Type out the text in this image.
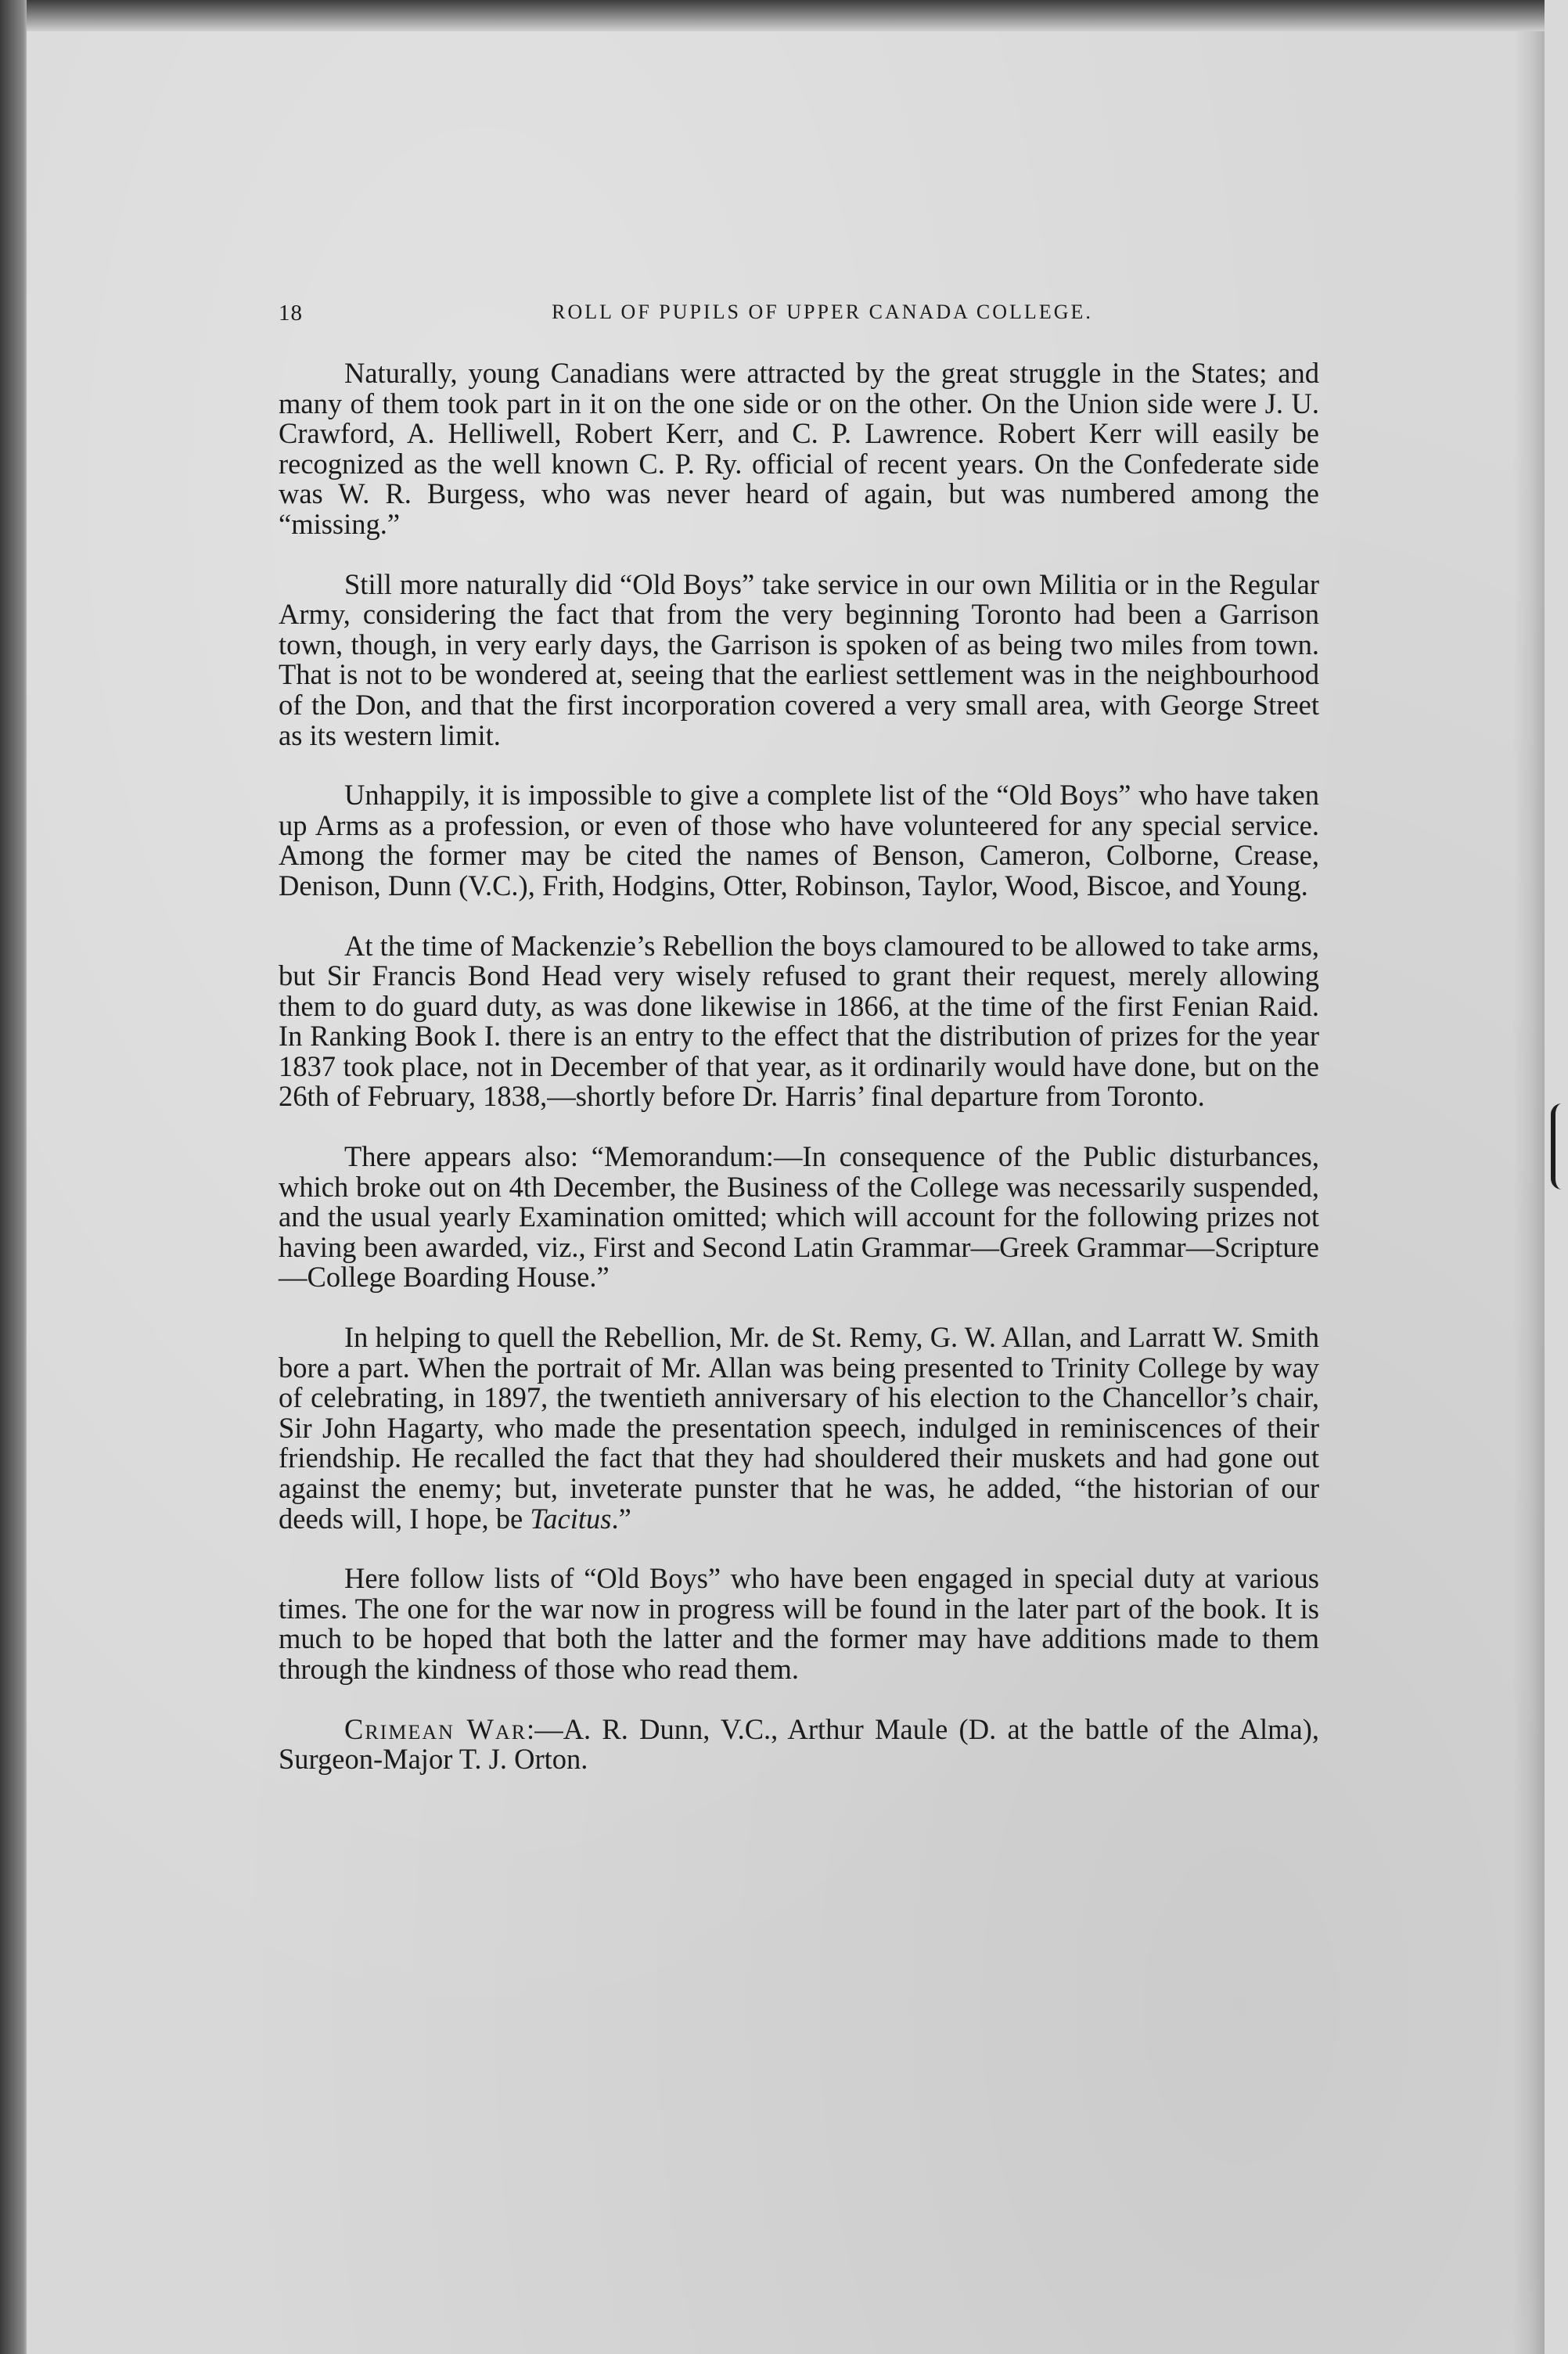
18	ROLL OF PUPILS OF UPPER CANADA COLLEGE.

Naturally, young Canadians were attracted by the great struggle in the States; and many of them took part in it on the one side or on the other. On the Union side were J. U. Crawford, A. Helliwell, Robert Kerr, and C. P. Lawrence. Robert Kerr will easily be recognized as the well known C. P. Ry. official of recent years. On the Confederate side was W. R. Burgess, who was never heard of again, but was numbered among the “missing.”

Still more naturally did “Old Boys” take service in our own Militia or in the Regular Army, considering the fact that from the very beginning Toronto had been a Garrison town, though, in very early days, the Garrison is spoken of as being two miles from town. That is not to be wondered at, seeing that the earliest settlement was in the neighbourhood of the Don, and that the first incorporation covered a very small area, with George Street as its western limit.

Unhappily, it is impossible to give a complete list of the “Old Boys” who have taken up Arms as a profession, or even of those who have volunteered for any special service. Among the former may be cited the names of Benson, Cameron, Colborne, Crease, Denison, Dunn (V.C.), Frith, Hodgins, Otter, Robinson, Taylor, Wood, Biscoe, and Young.

At the time of Mackenzie’s Rebellion the boys clamoured to be allowed to take arms, but Sir Francis Bond Head very wisely refused to grant their request, merely allowing them to do guard duty, as was done likewise in 1866, at the time of the first Fenian Raid. In Ranking Book I. there is an entry to the effect that the distribution of prizes for the year 1837 took place, not in December of that year, as it ordinarily would have done, but on the 26th of February, 1838,—shortly before Dr. Harris’ final departure from Toronto.

There appears also: “Memorandum:—In consequence of the Public disturbances, which broke out on 4th December, the Business of the College was necessarily suspended, and the usual yearly Examination omitted; which will account for the following prizes not having been awarded, viz., First and Second Latin Grammar—Greek Grammar—Scripture—College Boarding House.”

In helping to quell the Rebellion, Mr. de St. Remy, G. W. Allan, and Larratt W. Smith bore a part. When the portrait of Mr. Allan was being presented to Trinity College by way of celebrating, in 1897, the twentieth anniversary of his election to the Chancellor’s chair, Sir John Hagarty, who made the presentation speech, indulged in reminiscences of their friendship. He recalled the fact that they had shouldered their muskets and had gone out against the enemy; but, inveterate punster that he was, he added, “the historian of our deeds will, I hope, be Tacitus.”

Here follow lists of “Old Boys” who have been engaged in special duty at various times. The one for the war now in progress will be found in the later part of the book. It is much to be hoped that both the latter and the former may have additions made to them through the kindness of those who read them.

Crimean War:—A. R. Dunn, V.C., Arthur Maule (D. at the battle of the Alma), Surgeon-Major T. J. Orton.
